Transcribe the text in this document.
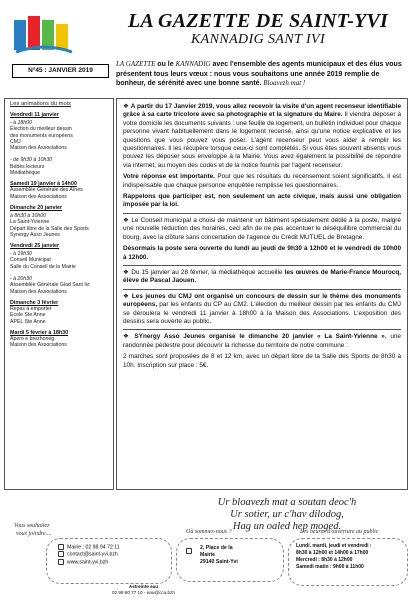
LA GAZETTE DE SAINT-YVI
KANNADIG SANT IVI
N°45 : JANVIER 2019
LA GAZETTE ou le KANNADIG avec l'ensemble des agents municipaux et des élus vous présentent tous leurs vœux : nous vous souhaitons une année 2019 remplie de bonheur, de sérénité avec une bonne santé. Bloavezh mat !
Les animations du mois
Vendredi 11 janvier
- à 18h00
Élection du meilleur dessin
des monuments européens
CMJ
Maison des Associations
- de 9h30 à 10h30
Bébés lecteurs
Médiathèque
Samedi 19 janvier à 14h00
Assemblée Générale des Aînés
Maison des Associations
Dimanche 20 janvier
à 8h30 à 10h00
La Saint-Yvienne
Départ libre de la Salle des Sports
Synergy Asso Jeunes
Vendredi 25 janvier
- à 19h30
Conseil Municipal
Salle du Conseil de la Mairie
- à 20h30
Assemblée Générale Glad Sant Ivi
Maison des Associations
Dimanche 3 février
Repas à emporter
Ecole Ste Anne
APEL Ste Anne
Mardi 5 février à 18h30
Apero e brezhoneg
Maison des Associations

❖ A partir du 17 Janvier 2019, vous allez recevoir la visite d'un agent recenseur identifiable grâce à sa carte tricolore avec sa photographie et la signature du Maire. Il viendra déposer à votre domicile les documents suivants : une feuille de logement, un bulletin individuel pour chaque personne vivant habituellement dans le logement recensé, ainsi qu'une notice explicative et les questions que vous pouvez vous poser. L'agent recenseur peut vous aider à remplir les questionnaires. Il les récupère lorsque ceux-ci sont complétés. Si vous êtes souvent absents vous pouvez les déposer sous enveloppe à la Mairie. Vous avez également la possibilité de répondre via internet, au moyen des codes et de la notice fournis par l'agent recenseur.

Votre réponse est importante. Pour que les résultats du recensement soient significatifs, il est indispensable que chaque personne enquêtée remplisse les questionnaires.

Rappelons que participer est, non seulement un acte civique, mais aussi une obligation imposée par la loi.

❖ Le Conseil municipal a choisi de maintenir un bâtiment spécialement dédié à la poste, malgré une nouvelle réduction des horaires, ceci afin de ne pas accentuer le déséquilibre commercial du bourg, avec la clôture sans concertation de l'agence du Crédit MUTUEL de Bretagne.

Désormais la poste sera ouverte du lundi au jeudi de 9h30 à 12h00 et le vendredi de 10h00 à 12h00.

❖ Du 15 janvier au 28 février, la médiathèque accueille les œuvres de Marie-France Mourocq, élève de Pascal Jaouen.

❖ Les jeunes du CMJ ont organisé un concours de dessin sur le thème des monuments européens, par les enfants du CP au CM2. L'élection du meilleur dessin par les enfants du CMJ se déroulera le vendredi 11 janvier à 18h00 à la Maison des Associations. L'exposition des dessins sera ouverte au public.

❖ SYnergy Asso Jeunes organise le dimanche 20 janvier « La Saint-Yvienne », une randonnée pédestre pour découvrir la richesse du territoire de notre commune :

2 marches sont proposées de 8 et 12 km, avec un départ libre de la Salle des Sports de 8h30 à 10h. Inscription sur place : 5€.

Ur bloavezh mat a soutan deoc'h
Ur sotier, ur c'hav dilodog,
Hag un oaled hep moged.
Vous souhaitez
vous joindre....	Où sommes-nous ?	Les heures d'ouverture au public
Mairie : 02 98 94 72 11
contact@saint-yvi.bzh
www.saint-yvi.bzh
Astreinte eau
02 98 60 77 10 - eau@cca.bzh
2, Place de la
Mairie
29140 Saint-Yvi
Lundi, mardi, jeudi et vendredi :
8h30 à 12h00 et 14h00 à 17h00
Mercredi : 8h30 à 12h00
Samedi matin : 9h00 à 11h00
